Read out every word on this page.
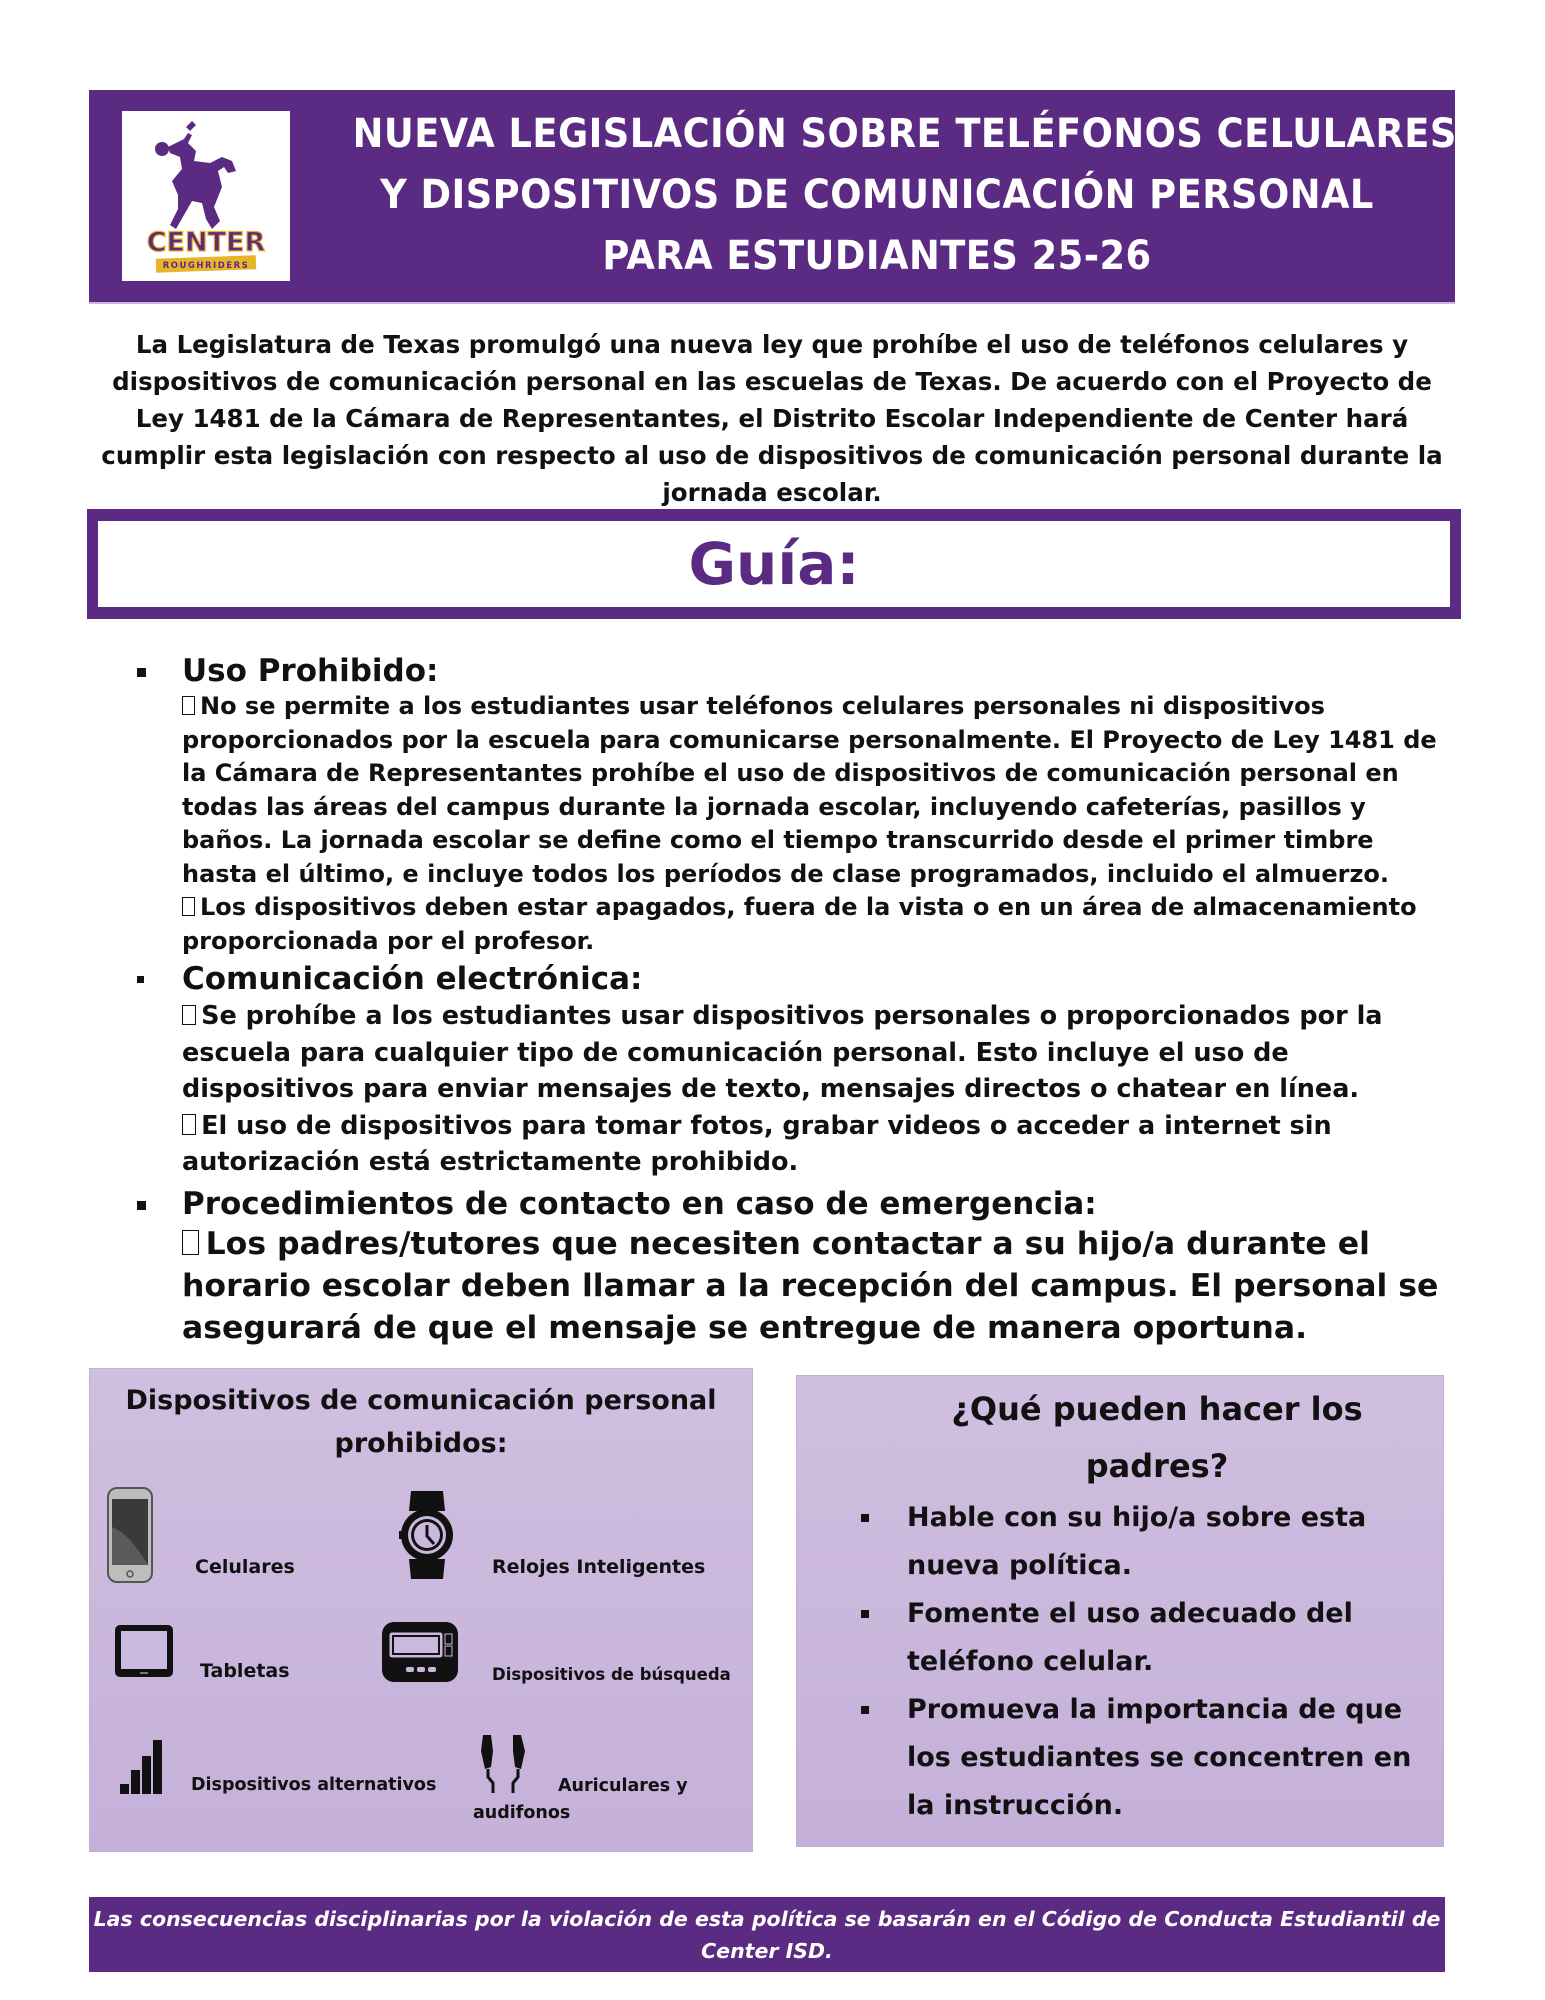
CENTER
ROUGHRIDERS
NUEVA LEGISLACIÓN SOBRE TELÉFONOS CELULARES
Y DISPOSITIVOS DE COMUNICACIÓN PERSONAL
PARA ESTUDIANTES 25-26
La Legislatura de Texas promulgó una nueva ley que prohíbe el uso de teléfonos celulares y dispositivos de comunicación personal en las escuelas de Texas. De acuerdo con el Proyecto de Ley 1481 de la Cámara de Representantes, el Distrito Escolar Independiente de Center hará cumplir esta legislación con respecto al uso de dispositivos de comunicación personal durante la jornada escolar.
Guía:
Uso Prohibido:
No se permite a los estudiantes usar teléfonos celulares personales ni dispositivos proporcionados por la escuela para comunicarse personalmente. El Proyecto de Ley 1481 de la Cámara de Representantes prohíbe el uso de dispositivos de comunicación personal en todas las áreas del campus durante la jornada escolar, incluyendo cafeterías, pasillos y baños. La jornada escolar se define como el tiempo transcurrido desde el primer timbre hasta el último, e incluye todos los períodos de clase programados, incluido el almuerzo.
Los dispositivos deben estar apagados, fuera de la vista o en un área de almacenamiento proporcionada por el profesor.
Comunicación electrónica:
Se prohíbe a los estudiantes usar dispositivos personales o proporcionados por la escuela para cualquier tipo de comunicación personal. Esto incluye el uso de dispositivos para enviar mensajes de texto, mensajes directos o chatear en línea.
El uso de dispositivos para tomar fotos, grabar videos o acceder a internet sin autorización está estrictamente prohibido.
Procedimientos de contacto en caso de emergencia:
Los padres/tutores que necesiten contactar a su hijo/a durante el horario escolar deben llamar a la recepción del campus. El personal se asegurará de que el mensaje se entregue de manera oportuna.
Dispositivos de comunicación personal
prohibidos:
Celulares	Relojes Inteligentes
Tabletas	Dispositivos de búsqueda
Dispositivos alternativos	Auriculares y
audifonos
¿Qué pueden hacer los
padres?
Hable con su hijo/a sobre esta nueva política.
Fomente el uso adecuado del teléfono celular.
Promueva la importancia de que los estudiantes se concentren en la instrucción.
Las consecuencias disciplinarias por la violación de esta política se basarán en el Código de Conducta Estudiantil de Center ISD.
